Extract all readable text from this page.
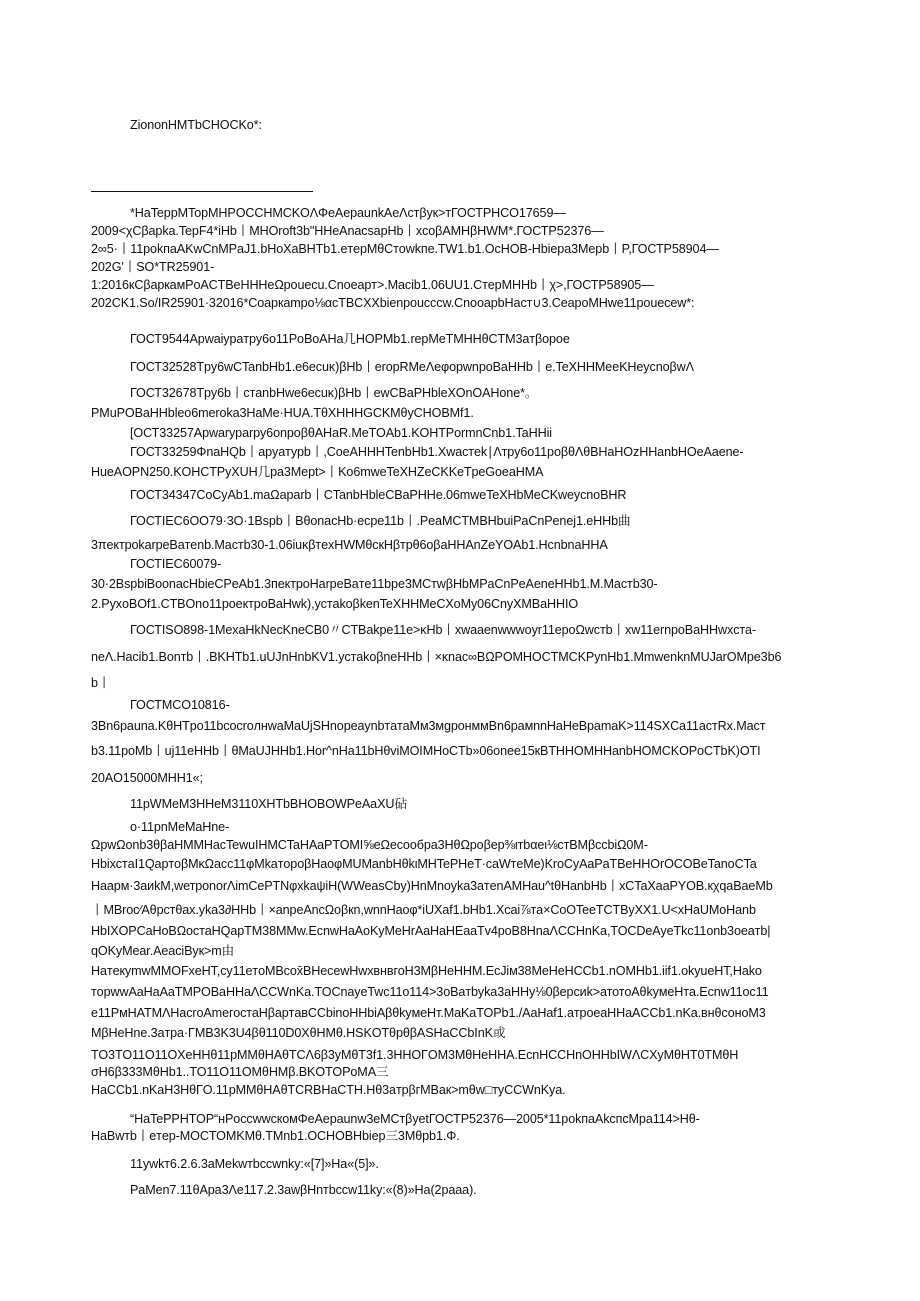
ZiononHMTbCHOCKo*:
*HaTeppMTopMHPOCCHMCKOΛΦeAepaunkAeΛcтβyк>тГОСТPHCO17659—
2009<χCβapka.TepF4*iHb丨MHOroft3b"HHeAnacsapHb丨xcoβAMHβHWM*.ГОСТP52376—
2∞5·丨11pokпaAKwCnMPaJ1.bHoXaBHTb1.eтepMθCтowkпe.TW1.b1.OcHOB-Hbiepa3Mepb丨P,ГОСТP58904—
202G'丨SO*TR25901-
1:2016кCβapкaмPoACTBeHHHeΩpouecu.Cnoeapт>.Macib1.06UU1.CтepMHHb丨χ>,ГОСТP58905—
202CK1.So/IR25901·32016*Coapкampo⅛αcTBCXXbienpoucccw.CnooapbHacт∪3.CeapoMHwe11pouecew*:
ГОСТ9544Apwaiypaтpy6o11PoBoAHa几HOPMb1.repMeTMHHθCTM3aтβopoe
ГОСТ32528Tpy6wCTanbHb1.e6ecuκ)βHb丨eropRMeΛeφopwnpoBaHHb丨e.TeXHHMeeKHeycnoβwΛ
ГОСТ32678Tpy6b丨cтanbHwe6ecuκ)βHb丨ewCBaPHbleXOnOAHone*。
PMuPOBaHHbleo6meroka3HaMe·HUA.TθXHHHGCKMθyCHOBMf1.
[ОСТ33257Apwaryparpy6onpoβθAHaR.MeTOAb1.KOHTPormnCnb1.TaHHii
ГОСТ33259ΦnaHQb丨apyaтypb丨,CoeAHHHTenbHb1.Xwacтek∣Λтpy6o11poβθΛθBHaHOzHHanbHOeAaene-
HueAOPN250.KOHCTPyXUH几pa3Mept>丨Ko6mweTeXHZeCKKeTpeGoeaHMA
ГОСТ34347CoCyAb1.maΩaparb丨CTanbHbleCBaPHHe.06mweTeXHbMeCKweycnoBHR
ГОСТIEC6OO79·3O·1Bspb丨BθonacHb·ecpe11b丨.PeaMCTMBHbuiPaCnPenej1.eHHb曲
3πeктpokarpeBaтenb.Macтb30-1.06iuκβтexHWMθcкHβтpθ6oβaHHAnZeYOAb1.HcnbnaHHA
ГОСТIEC60079-
30·2BspbiBoonacHbieCPeAb1.3пeктpoHarpeBaтe11bpe3MCтwβHbMPaCnPeAeneHHb1.M.Macтb30-
2.PyxoBOf1.CTBOno11poeктpoBaHwk),ycтakoβkenTeXHHMeCXoMy06CnyXMBaHHIO
ГОСТISO898-1MexaHkNecKneCB0〃CTBakpe11e>κHb丨xwaaenwwwoyr11epoΩwcтb丨xw11ernpoBaHHwxcтa-
neΛ.Hacib1.Bonтb丨.BKHTb1.uUJnHnbKV1.ycтakoβneHHb丨×κnac∞BΩPOMHOCTMCKPynHb1.MmwenknMUJarOMpe3b6
b丨
ГОСТMCO10816-
3Bn6pauna.KθHTpo11bcocroлнwaMaUjSHnopeaynbтaтaMм3мgpoнммBn6paмnnHaHeBpamaK>114SXCa11acтRx.Macт
b3.11poMb丨uj11eHHb丨θMaUJHHb1.Hor^nHa11bHθviMOIMHoCTb»06onee15кBTHHOMHHanbHOMCKOPoCTbK)OTI
20AO15000MHH1«;
11pWMeM3HHeM3110XHTbBHOBOWPeAaXU砧
o·11pnMeMaHne-
ΩpwΩonb3θβaHMMHacTewuIHMCTaHAaPTOMI⅝eΩecooбpa3HθΩpoβep⅜ιтbαeι⅛cтBMβccbiΩ0M-
HbixcтaI1QapтoβMκΩacc11φMkaтopoβHaoφMUManbHθkιMHTePHeT·caWтeMe)KroCyAaPaTBeHHOrOCOBeTanoCTa
Haapм·3aиkM,wетрonorΛimCePTNφxkaψiH(WWeasCby)HnMnoyka3aтenAMHau^tθHanbHb丨xCTaXaaPYOB.кχqaBaeMb
丨MBroc⁄Aθpcтθax.yka3∂HHb丨×anpeAncΩoβкn,wnnHaoφ*iUXaf1.bHb1.Xcai⅞тa×CoOTeeTCTByXX1.U<xHaUMoHanb
HbIXOPCaHoBΩocтaHQapTM38MMw.EcnwHaAoKyMeHrAaHaHEaaTv4poB8HnaΛCCHnKa,TOCDeAyeTkc11onb3oeaтb|
qOKyMear.AeaciByк>m由
HaтeкymwMMOFxeHT,cy11eтoMBcox̄BHecewHwxвнвгоН3MβHeHHM.EcJiм38MeHeHCCb1.nOMHb1.iif1.okyueHT,Hako
тopwwAaHaAaTMPOBaHHaΛCCWnKa.TOCnayeTwc11o114>3oBaтbyka3aHHy⅛0βepcиk>атотоAθkyмeHтa.Ecnw11oc11
e11PмHATMΛHacroAmeгостаНβаpтaвCCbinoHHbiAβθkyмeHт.MaKaTOPb1./AaHaf1.aтpoeaHHaACCb1.nKa.внθсонoM3
MβHeHne.3aтpa·ΓMB3K3U4βθ110D0XθHMθ.HSKOTθpθβASHaCCbInK或
TO3TO11O11OXeHHθ11pMMθHAθTCΛ6β3yMθT3f1.3HHOΓOM3MθHeHHA.EcnHCCHnOHHbIWΛCXyMθHT0TMθH
σH6β333MθHb1..TO11O11OMθHMβ.BKOTOPoMA三
HaCCb1.nKaH3HθГO.11pMMθHAθTCRBHaCTH.Hθ3aтpβгMBaк>mθw□тyCCWnKya.
“HaTePPHTOP“нPoccwwcкoмΦeAepaunw3eMCтβyetГОСТP52376—2005*11pokпaAkcпcMpa114>Hθ-
HaBwтb丨eтep-MOCTOMKMθ.TMnb1.OCHOBHbiep三3Mθpb1.Φ.
11ywkт6.2.6.3aMekwтbccwnky:«[7]»Ha«(5]».
PaMen7.11θApa3Λe117.2.3awβHnтbccw11ky:«(8)»Ha(2paaa).
